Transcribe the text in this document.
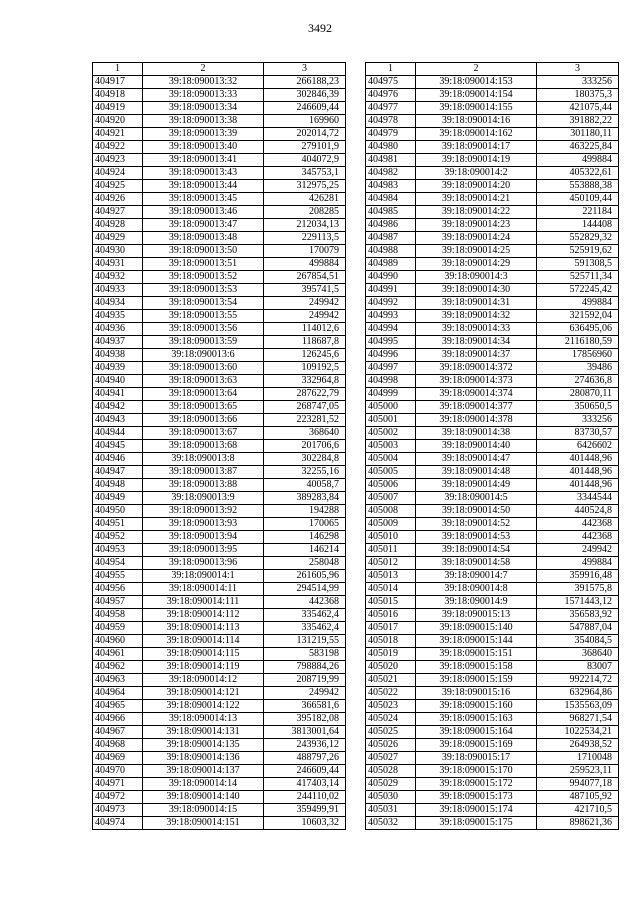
3492
1	2	3
404917	39:18:090013:32	266188,23
404918	39:18:090013:33	302846,39
404919	39:18:090013:34	246609,44
404920	39:18:090013:38	169960
404921	39:18:090013:39	202014,72
404922	39:18:090013:40	279101,9
404923	39:18:090013:41	404072,9
404924	39:18:090013:43	345753,1
404925	39:18:090013:44	312975,25
404926	39:18:090013:45	426281
404927	39:18:090013:46	208285
404928	39:18:090013:47	212034,13
404929	39:18:090013:48	229113,5
404930	39:18:090013:50	170079
404931	39:18:090013:51	499884
404932	39:18:090013:52	267854,51
404933	39:18:090013:53	395741,5
404934	39:18:090013:54	249942
404935	39:18:090013:55	249942
404936	39:18:090013:56	114012,6
404937	39:18:090013:59	118687,8
404938	39:18:090013:6	126245,6
404939	39:18:090013:60	109192,5
404940	39:18:090013:63	332964,8
404941	39:18:090013:64	287622,79
404942	39:18:090013:65	268747,05
404943	39:18:090013:66	223281,52
404944	39:18:090013:67	368640
404945	39:18:090013:68	201706,6
404946	39:18:090013:8	302284,8
404947	39:18:090013:87	32255,16
404948	39:18:090013:88	40058,7
404949	39:18:090013:9	389283,84
404950	39:18:090013:92	194288
404951	39:18:090013:93	170065
404952	39:18:090013:94	146298
404953	39:18:090013:95	146214
404954	39:18:090013:96	258048
404955	39:18:090014:1	261605,96
404956	39:18:090014:11	294514,99
404957	39:18:090014:111	442368
404958	39:18:090014:112	335462,4
404959	39:18:090014:113	335462,4
404960	39:18:090014:114	131219,55
404961	39:18:090014:115	583198
404962	39:18:090014:119	798884,26
404963	39:18:090014:12	208719,99
404964	39:18:090014:121	249942
404965	39:18:090014:122	366581,6
404966	39:18:090014:13	395182,08
404967	39:18:090014:131	3813001,64
404968	39:18:090014:135	243936,12
404969	39:18:090014:136	488797,26
404970	39:18:090014:137	246609,44
404971	39:18:090014:14	417403,14
404972	39:18:090014:140	244110,02
404973	39:18:090014:15	359499,91
404974	39:18:090014:151	10603,32
1	2	3
404975	39:18:090014:153	333256
404976	39:18:090014:154	180375,3
404977	39:18:090014:155	421075,44
404978	39:18:090014:16	391882,22
404979	39:18:090014:162	301180,11
404980	39:18:090014:17	463225,84
404981	39:18:090014:19	499884
404982	39:18:090014:2	405322,61
404983	39:18:090014:20	553888,38
404984	39:18:090014:21	450109,44
404985	39:18:090014:22	221184
404986	39:18:090014:23	144408
404987	39:18:090014:24	552829,32
404988	39:18:090014:25	525919,62
404989	39:18:090014:29	591308,5
404990	39:18:090014:3	525711,34
404991	39:18:090014:30	572245,42
404992	39:18:090014:31	499884
404993	39:18:090014:32	321592,04
404994	39:18:090014:33	636495,06
404995	39:18:090014:34	2116180,59
404996	39:18:090014:37	17856960
404997	39:18:090014:372	39486
404998	39:18:090014:373	274636,8
404999	39:18:090014:374	280870,11
405000	39:18:090014:377	350650,5
405001	39:18:090014:378	333256
405002	39:18:090014:38	83730,57
405003	39:18:090014:40	6426602
405004	39:18:090014:47	401448,96
405005	39:18:090014:48	401448,96
405006	39:18:090014:49	401448,96
405007	39:18:090014:5	3344544
405008	39:18:090014:50	440524,8
405009	39:18:090014:52	442368
405010	39:18:090014:53	442368
405011	39:18:090014:54	249942
405012	39:18:090014:58	499884
405013	39:18:090014:7	359916,48
405014	39:18:090014:8	391575,8
405015	39:18:090014:9	1571443,12
405016	39:18:090015:13	356583,92
405017	39:18:090015:140	547887,04
405018	39:18:090015:144	354084,5
405019	39:18:090015:151	368640
405020	39:18:090015:158	83007
405021	39:18:090015:159	992214,72
405022	39:18:090015:16	632964,86
405023	39:18:090015:160	1535563,09
405024	39:18:090015:163	968271,54
405025	39:18:090015:164	1022534,21
405026	39:18:090015:169	264938,52
405027	39:18:090015:17	1710048
405028	39:18:090015:170	259523,11
405029	39:18:090015:172	994077,18
405030	39:18:090015:173	487105,92
405031	39:18:090015:174	421710,5
405032	39:18:090015:175	898621,36
